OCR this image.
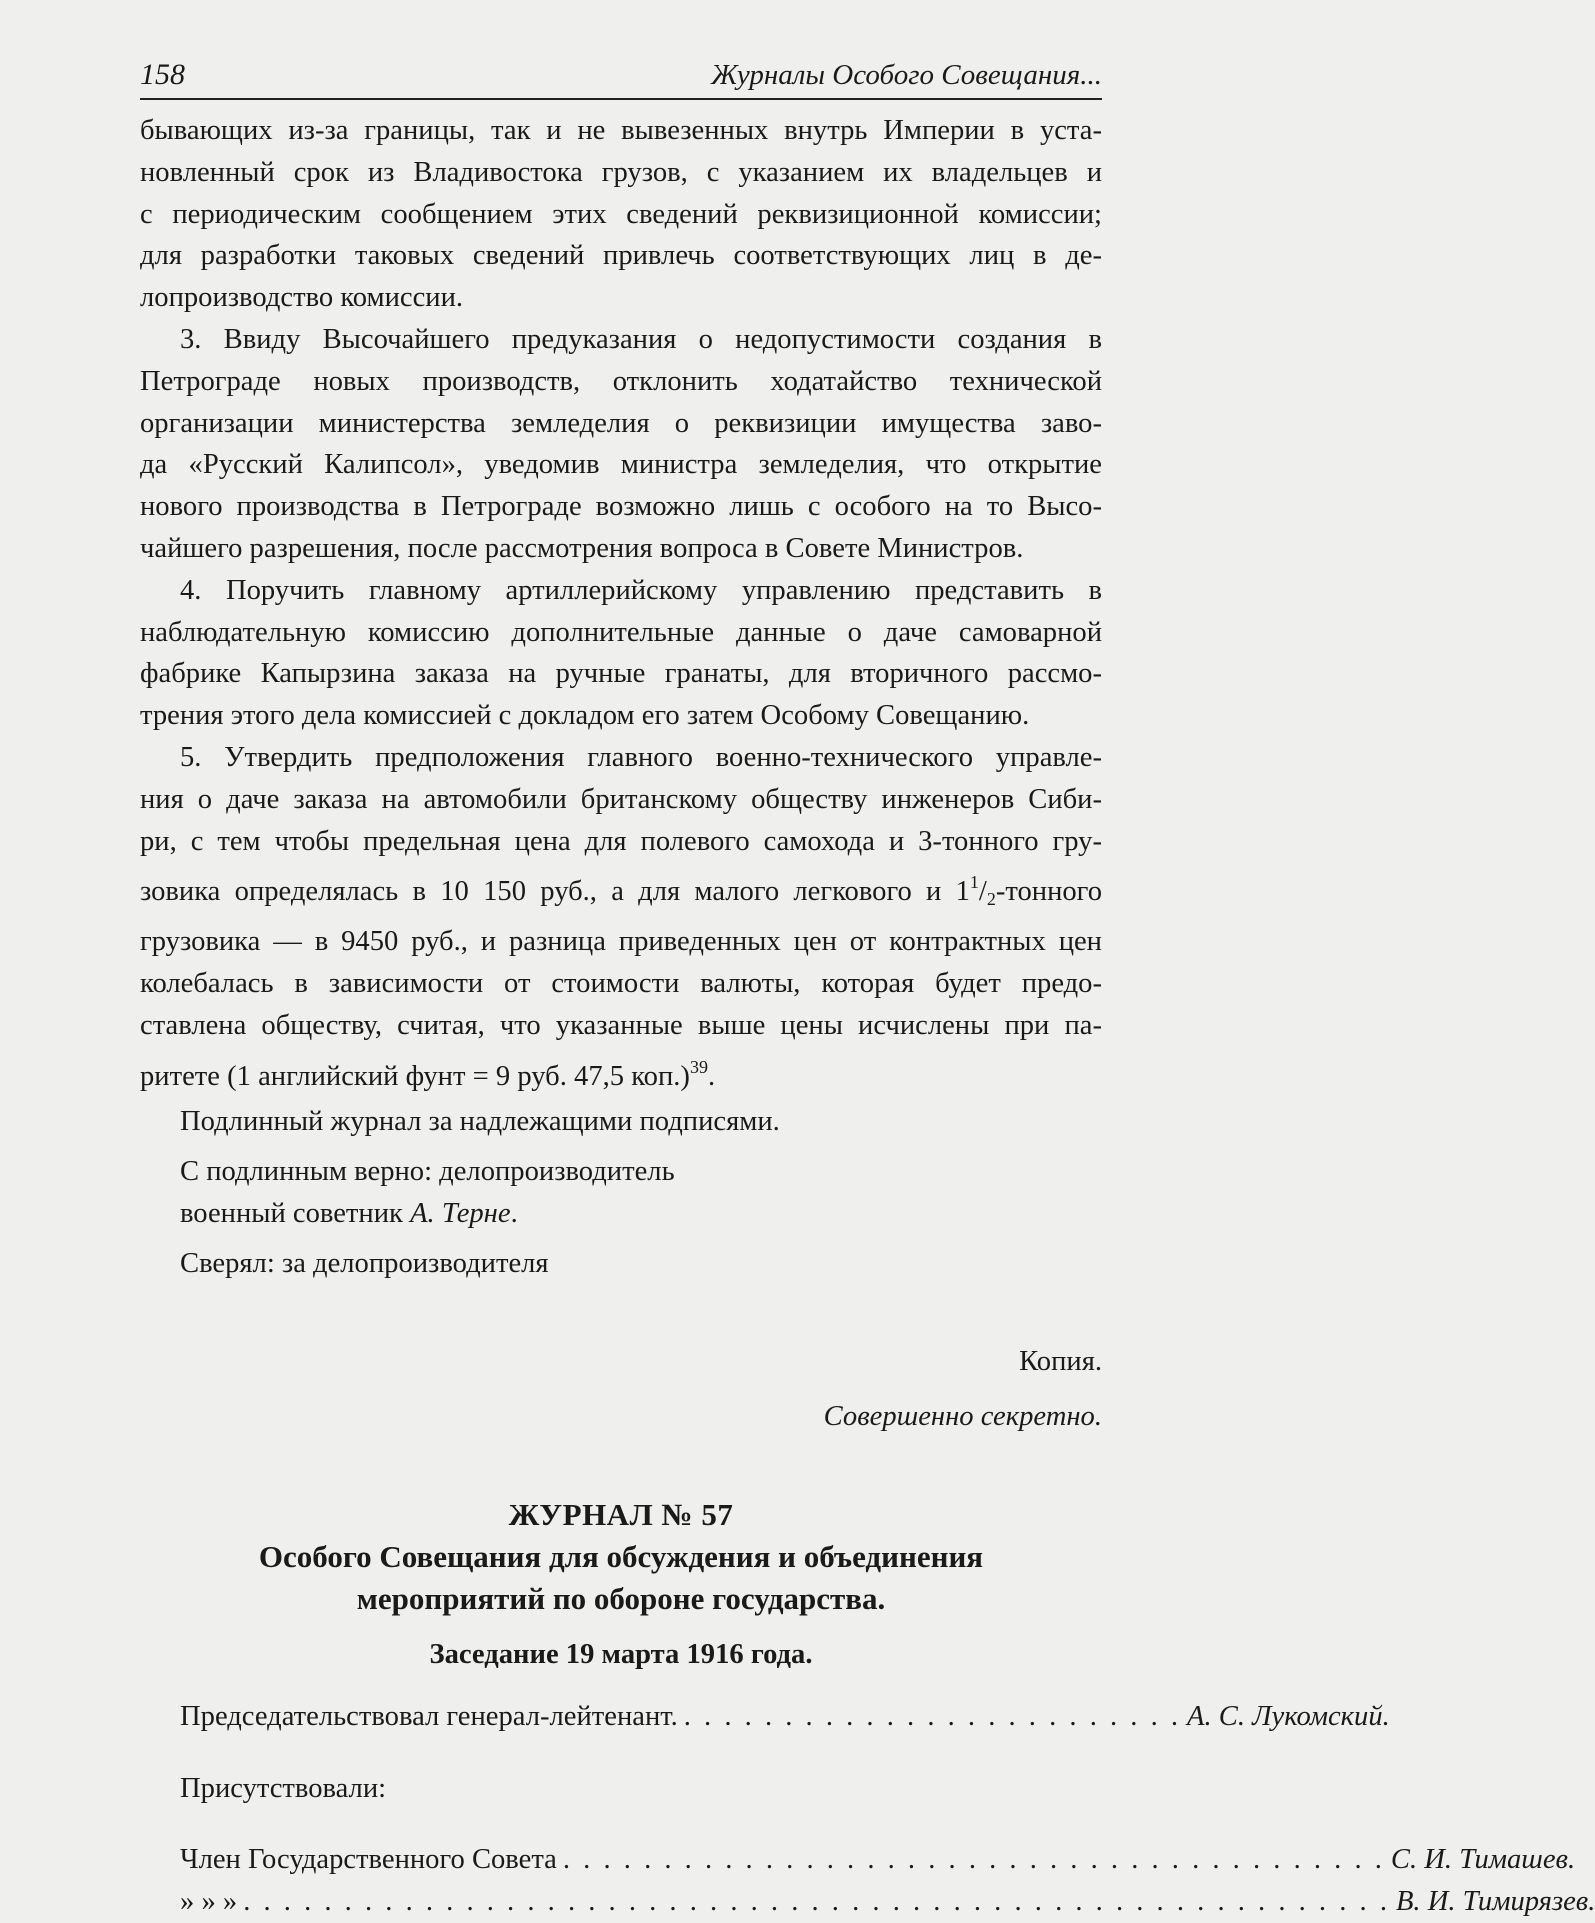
158	Журналы Особого Совещания...

бывающих из-за границы, так и не вывезенных внутрь Империи в уста-
новленный срок из Владивостока грузов, с указанием их владельцев и
с периодическим сообщением этих сведений реквизиционной комиссии;
для разработки таковых сведений привлечь соответствующих лиц в де-
лопроизводство комиссии.

3. Ввиду Высочайшего предуказания о недопустимости создания в
Петрограде новых производств, отклонить ходатайство технической
организации министерства земледелия о реквизиции имущества заво-
да «Русский Калипсол», уведомив министра земледелия, что открытие
нового производства в Петрограде возможно лишь с особого на то Высо-
чайшего разрешения, после рассмотрения вопроса в Совете Министров.

4. Поручить главному артиллерийскому управлению представить в
наблюдательную комиссию дополнительные данные о даче самоварной
фабрике Капырзина заказа на ручные гранаты, для вторичного рассмо-
трения этого дела комиссией с докладом его затем Особому Совещанию.

5. Утвердить предположения главного военно-технического управле-
ния о даче заказа на автомобили британскому обществу инженеров Сиби-
ри, с тем чтобы предельная цена для полевого самохода и 3-тонного гру-
зовика определялась в 10 150 руб., а для малого легкового и $1^1/2$-тонного
грузовика — в 9450 руб., и разница приведенных цен от контрактных цен
колебалась в зависимости от стоимости валюты, которая будет предо-
ставлена обществу, считая, что указанные выше цены исчислены при па-
ритете (1 английский фунт = 9 руб. 47,5 коп.)$^{39}$.

Подлинный журнал за надлежащими подписями.
С подлинным верно: делопроизводитель
военный советник А. Терне.
Сверял: за делопроизводителя
Копия.
Совершенно секретно.
ЖУРНАЛ № 57
Особого Совещания для обсуждения и объединения
мероприятий по обороне государства.
Заседание 19 марта 1916 года.
Председательствовал генерал-лейтенант. . . . . . . . . . . . . . . . . . . . . . . . . . А. С. Лукомский.
Присутствовали:
Член Государственного Совета . . . . . . . . . . . . . . . . . . . . . . . . . . . . . . . . . . . . . . . . . С. И. Тимашев.
» » » . . . . . . . . . . . . . . . . . . . . . . . . . . . . . . . . . . . . . . . . . . . . . . . . . . . . . . . . . В. И. Тимирязев.
